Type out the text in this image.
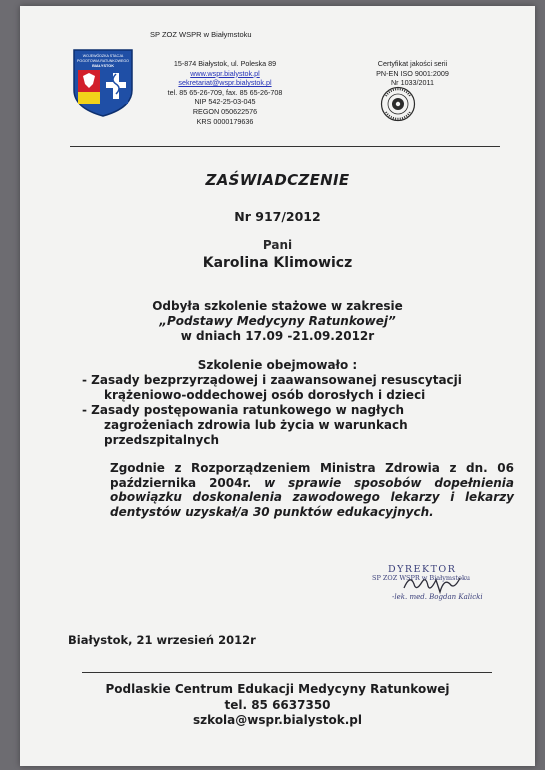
WOJEWÓDZKA STACJA
POGOTOWIA RATUNKOWEGO
BIAŁYSTOK
SP ZOZ WSPR w Białymstoku
15-874 Białystok, ul. Poleska 89
www.wspr.bialystok.pl
sekretariat@wspr.bialystok.pl
tel. 85 65-26-709, fax. 85 65-26-708
NIP 542-25-03-045
REGON 050622576
KRS 0000179636
Certyfikat jakości serii
PN-EN ISO 9001:2009
Nr 1033/2011
ZAŚWIADCZENIE
Nr 917/2012
Pani
Karolina Klimowicz
Odbyła szkolenie stażowe w zakresie
„Podstawy Medycyny Ratunkowej”
w dniach 17.09 -21.09.2012r
Szkolenie obejmowało :
- Zasady bezprzyrządowej i zaawansowanej resuscytacji
krążeniowo-oddechowej osób dorosłych i dzieci
- Zasady postępowania ratunkowego w nagłych
zagrożeniach zdrowia lub życia w warunkach
przedszpitalnych
Zgodnie z Rozporządzeniem Ministra Zdrowia z dn. 06 października 2004r. w sprawie sposobów dopełnienia obowiązku doskonalenia zawodowego lekarzy i lekarzy dentystów uzyskał/a 30 punktów edukacyjnych.
DYREKTOR
SP ZOZ WSPR w Białymstoku
-lek. med. Bogdan Kalicki
Białystok, 21 wrzesień 2012r
Podlaskie Centrum Edukacji Medycyny Ratunkowej
tel. 85 6637350
szkola@wspr.bialystok.pl
